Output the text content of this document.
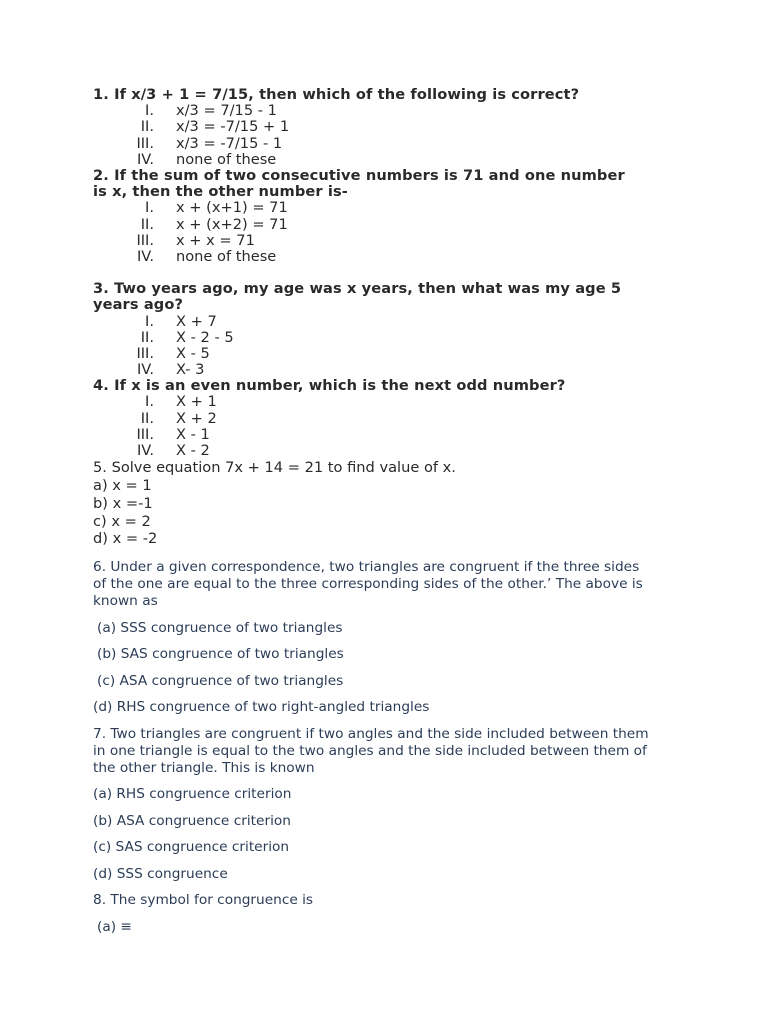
1. If x/3 + 1 = 7/15, then which of the following is correct?

I. x/3 = 7/15 - 1
II. x/3 = -7/15 + 1
III. x/3 = -7/15 - 1
IV. none of these

2. If the sum of two consecutive numbers is 71 and one number
is x, then the other number is-

I. x + (x+1) = 71
II. x + (x+2) = 71
III. x + x = 71
IV. none of these

3. Two years ago, my age was x years, then what was my age 5
years ago?

I. X + 7
II. X - 2 - 5
III. X - 5
IV. X- 3

4. If x is an even number, which is the next odd number?

I. X + 1
II. X + 2
III. X - 1
IV. X - 2
5. Solve equation 7x + 14 = 21 to find value of x.
a) x = 1
b) x =-1
c) x = 2
d) x = -2

6. Under a given correspondence, two triangles are congruent if the three sides
of the one are equal to the three corresponding sides of the other.’ The above is
known as

(a) SSS congruence of two triangles

(b) SAS congruence of two triangles

(c) ASA congruence of two triangles

(d) RHS congruence of two right-angled triangles

7. Two triangles are congruent if two angles and the side included between them
in one triangle is equal to the two angles and the side included between them of
the other triangle. This is known

(a) RHS congruence criterion

(b) ASA congruence criterion

(c) SAS congruence criterion

(d) SSS congruence

8. The symbol for congruence is

(a) ≡
